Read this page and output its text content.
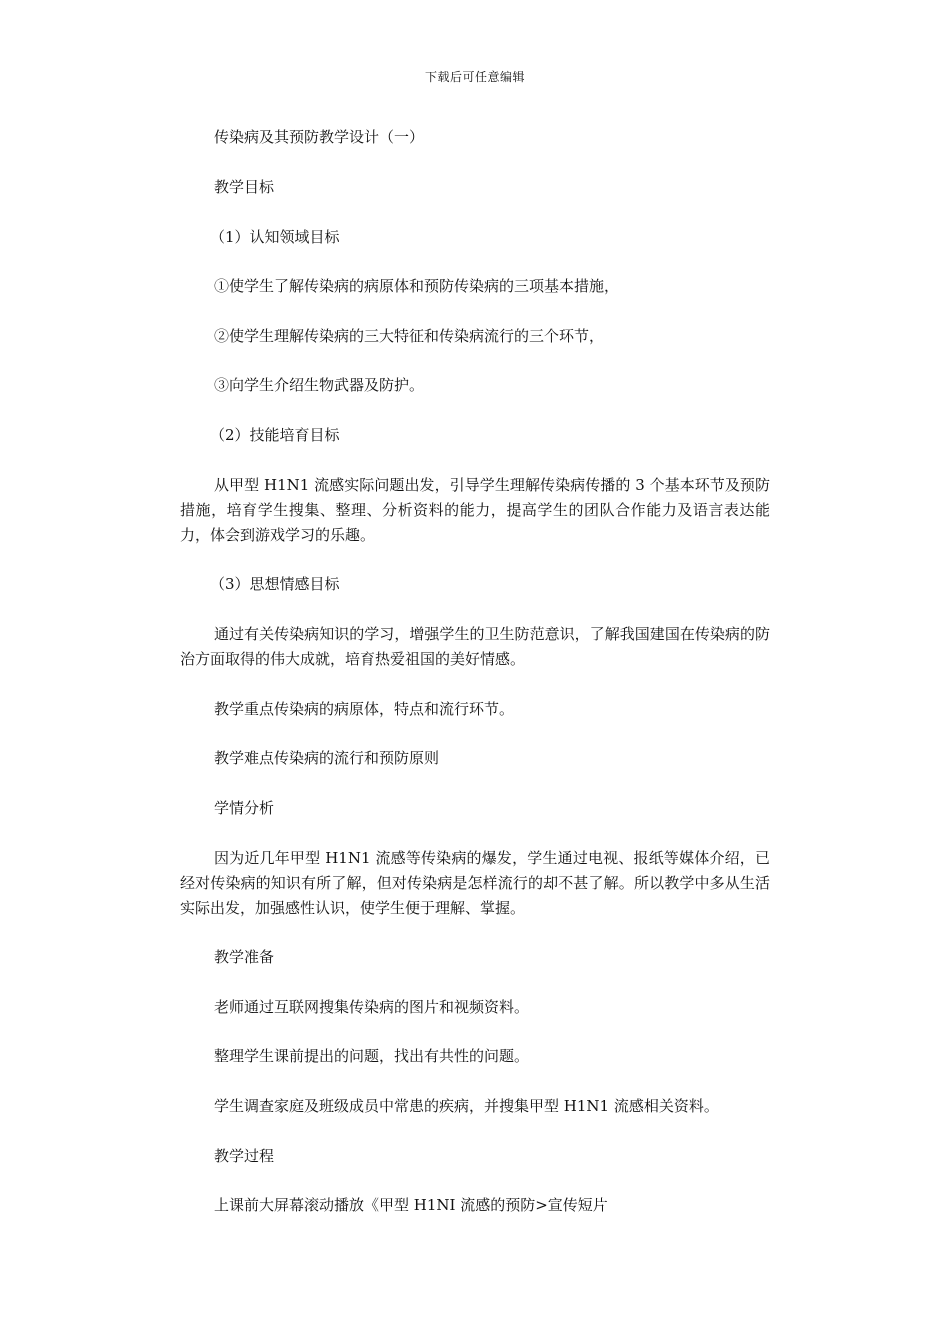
下载后可任意编辑
传染病及其预防教学设计（一）
教学目标
（1）认知领域目标
①使学生了解传染病的病原体和预防传染病的三项基本措施，
②使学生理解传染病的三大特征和传染病流行的三个环节，
③向学生介绍生物武器及防护。
（2）技能培育目标
从甲型 H1N1 流感实际问题出发，引导学生理解传染病传播的 3 个基本环节及预防措施，培育学生搜集、整理、分析资料的能力，提高学生的团队合作能力及语言表达能力，体会到游戏学习的乐趣。
（3）思想情感目标
通过有关传染病知识的学习，增强学生的卫生防范意识，了解我国建国在传染病的防治方面取得的伟大成就，培育热爱祖国的美好情感。
教学重点传染病的病原体，特点和流行环节。
教学难点传染病的流行和预防原则
学情分析
因为近几年甲型 H1N1 流感等传染病的爆发，学生通过电视、报纸等媒体介绍，已经对传染病的知识有所了解，但对传染病是怎样流行的却不甚了解。所以教学中多从生活实际出发，加强感性认识，使学生便于理解、掌握。
教学准备
老师通过互联网搜集传染病的图片和视频资料。
整理学生课前提出的问题，找出有共性的问题。
学生调查家庭及班级成员中常患的疾病，并搜集甲型 H1N1 流感相关资料。
教学过程
上课前大屏幕滚动播放《甲型 H1NI 流感的预防>宣传短片
